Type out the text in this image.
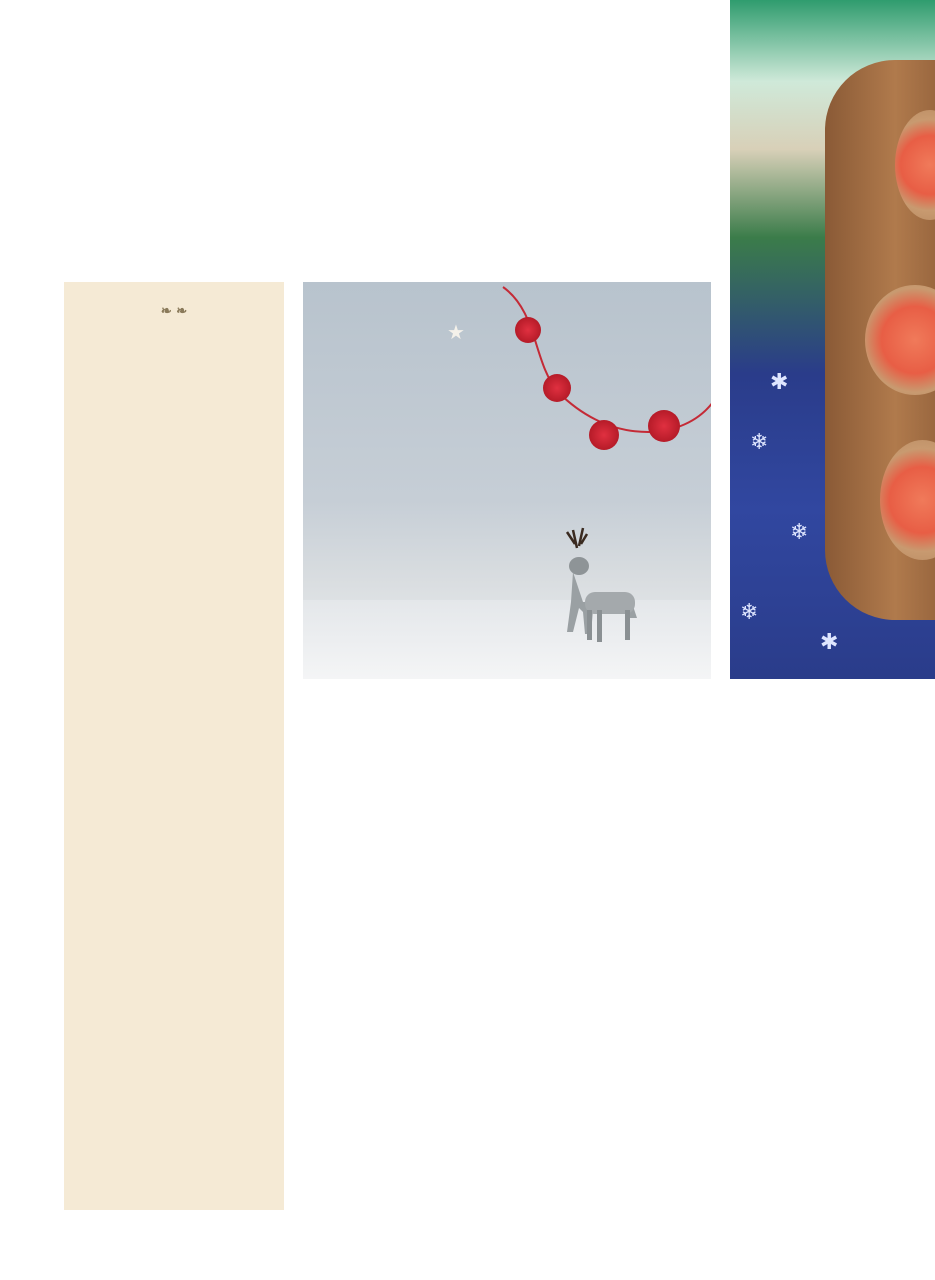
❄
❄
❄
✱
✱
❧ ❧
★
